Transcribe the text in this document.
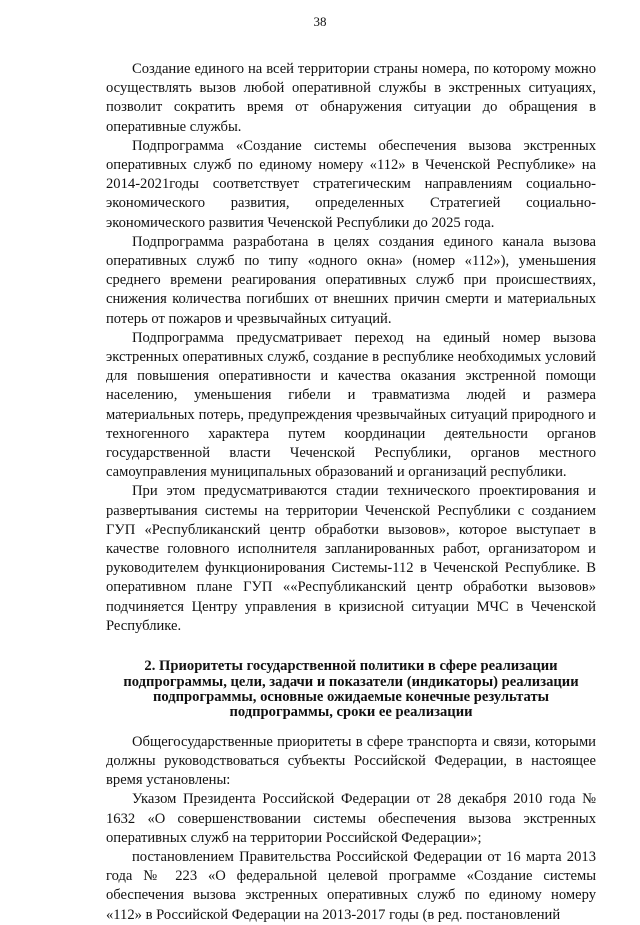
38

Создание единого на всей территории страны номера, по которому можно осуществлять вызов любой оперативной службы в экстренных ситуациях, позволит сократить время от обнаружения ситуации до обращения в оперативные службы.

Подпрограмма «Создание системы обеспечения вызова экстренных оперативных служб по единому номеру «112» в Чеченской Республике» на 2014-2021годы соответствует стратегическим направлениям социально-экономического развития, определенных Стратегией социально-экономического развития Чеченской Республики до 2025 года.

Подпрограмма разработана в целях создания единого канала вызова оперативных служб по типу «одного окна» (номер «112»), уменьшения среднего времени реагирования оперативных служб при происшествиях, снижения количества погибших от внешних причин смерти и материальных потерь от пожаров и чрезвычайных ситуаций.

Подпрограмма предусматривает переход на единый номер вызова экстренных оперативных служб, создание в республике необходимых условий для повышения оперативности и качества оказания экстренной помощи населению, уменьшения гибели и травматизма людей и размера материальных потерь, предупреждения чрезвычайных ситуаций природного и техногенного характера путем координации деятельности органов государственной власти Чеченской Республики, органов местного самоуправления муниципальных образований и организаций республики.

При этом предусматриваются стадии технического проектирования и развертывания системы на территории Чеченской Республики с созданием ГУП «Республиканский центр обработки вызовов», которое выступает в качестве головного исполнителя запланированных работ, организатором и руководителем функционирования Системы-112 в Чеченской Республике. В оперативном плане ГУП ««Республиканский центр обработки вызовов» подчиняется Центру управления в кризисной ситуации МЧС в Чеченской Республике.

2. Приоритеты государственной политики в сфере реализации подпрограммы, цели, задачи и показатели (индикаторы) реализации подпрограммы, основные ожидаемые конечные результаты подпрограммы, сроки ее реализации

Общегосударственные приоритеты в сфере транспорта и связи, которыми должны руководствоваться субъекты Российской Федерации, в настоящее время установлены:

Указом Президента Российской Федерации от 28 декабря 2010 года № 1632 «О совершенствовании системы обеспечения вызова экстренных оперативных служб на территории Российской Федерации»;

постановлением Правительства Российской Федерации от 16 марта 2013 года № 223 «О федеральной целевой программе «Создание системы обеспечения вызова экстренных оперативных служб по единому номеру «112» в Российской Федерации на 2013-2017 годы (в ред. постановлений
